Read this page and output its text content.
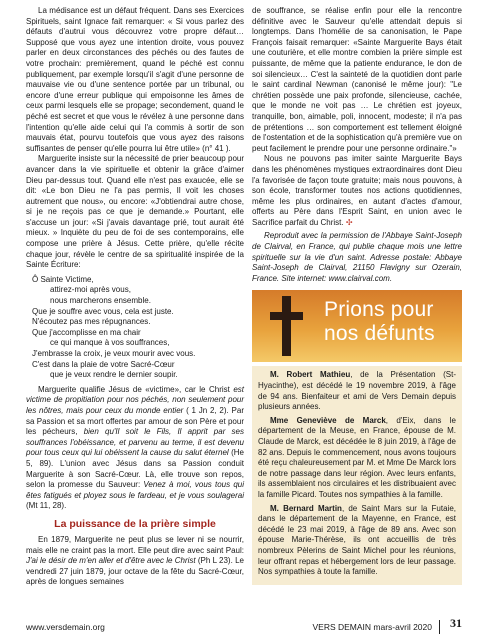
La médisance est un défaut fréquent. Dans ses Exercices Spirituels, saint Ignace fait remarquer: « Si vous parlez des défauts d'autrui vous découvrez votre propre défaut… Supposé que vous ayez une intention droite, vous pouvez parler en deux circonstances des péchés ou des fautes de votre prochain: premièrement, quand le péché est connu publiquement, par exemple lorsqu'il s'agit d'une personne de mauvaise vie ou d'une sentence portée par un tribunal, ou encore d'une erreur publique qui empoisonne les âmes de ceux parmi lesquels elle se propage; secondement, quand le péché est secret et que vous le révélez à une personne dans l'intention qu'elle aide celui qui l'a commis à sortir de son mauvais état, pourvu toutefois que vous ayez des raisons suffisantes de penser qu'elle pourra lui être utile» (n° 41 ).

Marguerite insiste sur la nécessité de prier beaucoup pour avancer dans la vie spirituelle et obtenir la grâce d'aimer Dieu par-dessus tout. Quand elle n'est pas exaucée, elle se dit: «Le bon Dieu ne l'a pas permis, Il voit les choses autrement que nous», ou encore: «J'obtiendrai autre chose, si je ne reçois pas ce que je demande.» Pourtant, elle s'accuse un jour: «Si j'avais davantage prié, tout aurait été mieux. » Inquiète du peu de foi de ses contemporains, elle compose une prière à Jésus. Cette prière, qu'elle récite chaque jour, révèle le centre de sa spiritualité inspirée de la Sainte Écriture:

Ô Sainte Victime,
attirez-moi après vous,
nous marcherons ensemble.
Que je souffre avec vous, cela est juste.
N'écoutez pas mes répugnances.
Que j'accomplisse en ma chair
ce qui manque à vos souffrances,
J'embrasse la croix, je veux mourir avec vous.
C'est dans la plaie de votre Sacré-Cœur
que je veux rendre le dernier soupir.

Marguerite qualifie Jésus de «victime», car le Christ est victime de propitiation pour nos péchés, non seulement pour les nôtres, mais pour ceux du monde entier ( 1 Jn 2, 2). Par sa Passion et sa mort offertes par amour de son Père et pour les pécheurs, bien qu'Il soit le Fils, Il apprit par ses souffrances l'obéissance, et parvenu au terme, il est devenu pour tous ceux qui lui obéissent la cause du salut éternel (He 5, 89). L'union avec Jésus dans sa Passion conduit Marguerite à son Sacré-Cœur. Là, elle trouve son repos, selon la promesse du Sauveur: Venez à moi, vous tous qui êtes fatigués et ployez sous le fardeau, et je vous soulagerai (Mt 11, 28).

La puissance de la prière simple

En 1879, Marguerite ne peut plus se lever ni se nourrir, mais elle ne craint pas la mort. Elle peut dire avec saint Paul: J'ai le désir de m'en aller et d'être avec le Christ (Ph L 23). Le vendredi 27 juin 1879, jour octave de la fête du Sacré-Cœur, après de longues semaines

de souffrance, se réalise enfin pour elle la rencontre définitive avec le Sauveur qu'elle attendait depuis si longtemps. Dans l'homélie de sa canonisation, le Pape François faisait remarquer: «Sainte Marguerite Bays était une couturière, et elle montre combien la prière simple est puissante, de même que la patiente endurance, le don de soi silencieux… C'est la sainteté de la quotidien dont parle le saint cardinal Newman (canonisé le même jour): "Le chrétien possède une paix profonde, silencieuse, cachée, que le monde ne voit pas … Le chrétien est joyeux, tranquille, bon, aimable, poli, innocent, modeste; il n'a pas de prétentions … son comportement est tellement éloigné de l'ostentation et de la sophistication qu'à première vue on peut facilement le prendre pour une personne ordinaire."»

Nous ne pouvons pas imiter sainte Marguerite Bays dans les phénomènes mystiques extraordinaires dont Dieu l'a favorisée de façon toute gratuite; mais nous pouvons, à son école, transformer toutes nos actions quotidiennes, même les plus ordinaires, en autant d'actes d'amour, offerts au Père dans l'Esprit Saint, en union avec le Sacrifice parfait du Christ. ✣

Reproduit avec la permission de l'Abbaye Saint-Joseph de Clairval, en France, qui publie chaque mois une lettre spirituelle sur la vie d'un saint. Adresse postale: Abbaye Saint-Joseph de Clairval, 21150 Flavigny sur Ozerain, France. Site internet: www.clairval.com.

Prions pour
nos défunts

M. Robert Mathieu, de la Présentation (St-Hyacinthe), est décédé le 19 novembre 2019, à l'âge de 94 ans. Bienfaiteur et ami de Vers Demain depuis plusieurs années.

Mme Geneviève de Marck, d'Eix, dans le département de la Meuse, en France, épouse de M. Claude de Marck, est décédée le 8 juin 2019, à l'âge de 82 ans. Depuis le commencement, nous avons toujours été reçu chaleureusement par M. et Mme De Marck lors de notre passage dans leur région. Avec leurs enfants, ils assemblaient nos circulaires et les distribuaient avec la famille Picard. Toutes nos sympathies à la famille.

M. Bernard Martin, de Saint Mars sur la Futaie, dans le département de la Mayenne, en France, est décédé le 23 mai 2019, à l'âge de 89 ans. Avec son épouse Marie-Thérèse, ils ont accueillis de très nombreux Pèlerins de Saint Michel pour les réunions, leur offrant repas et hébergement lors de leur passage. Nos sympathies à toute la famille.

www.versdemain.org	VERS DEMAIN mars-avril 2020 31
